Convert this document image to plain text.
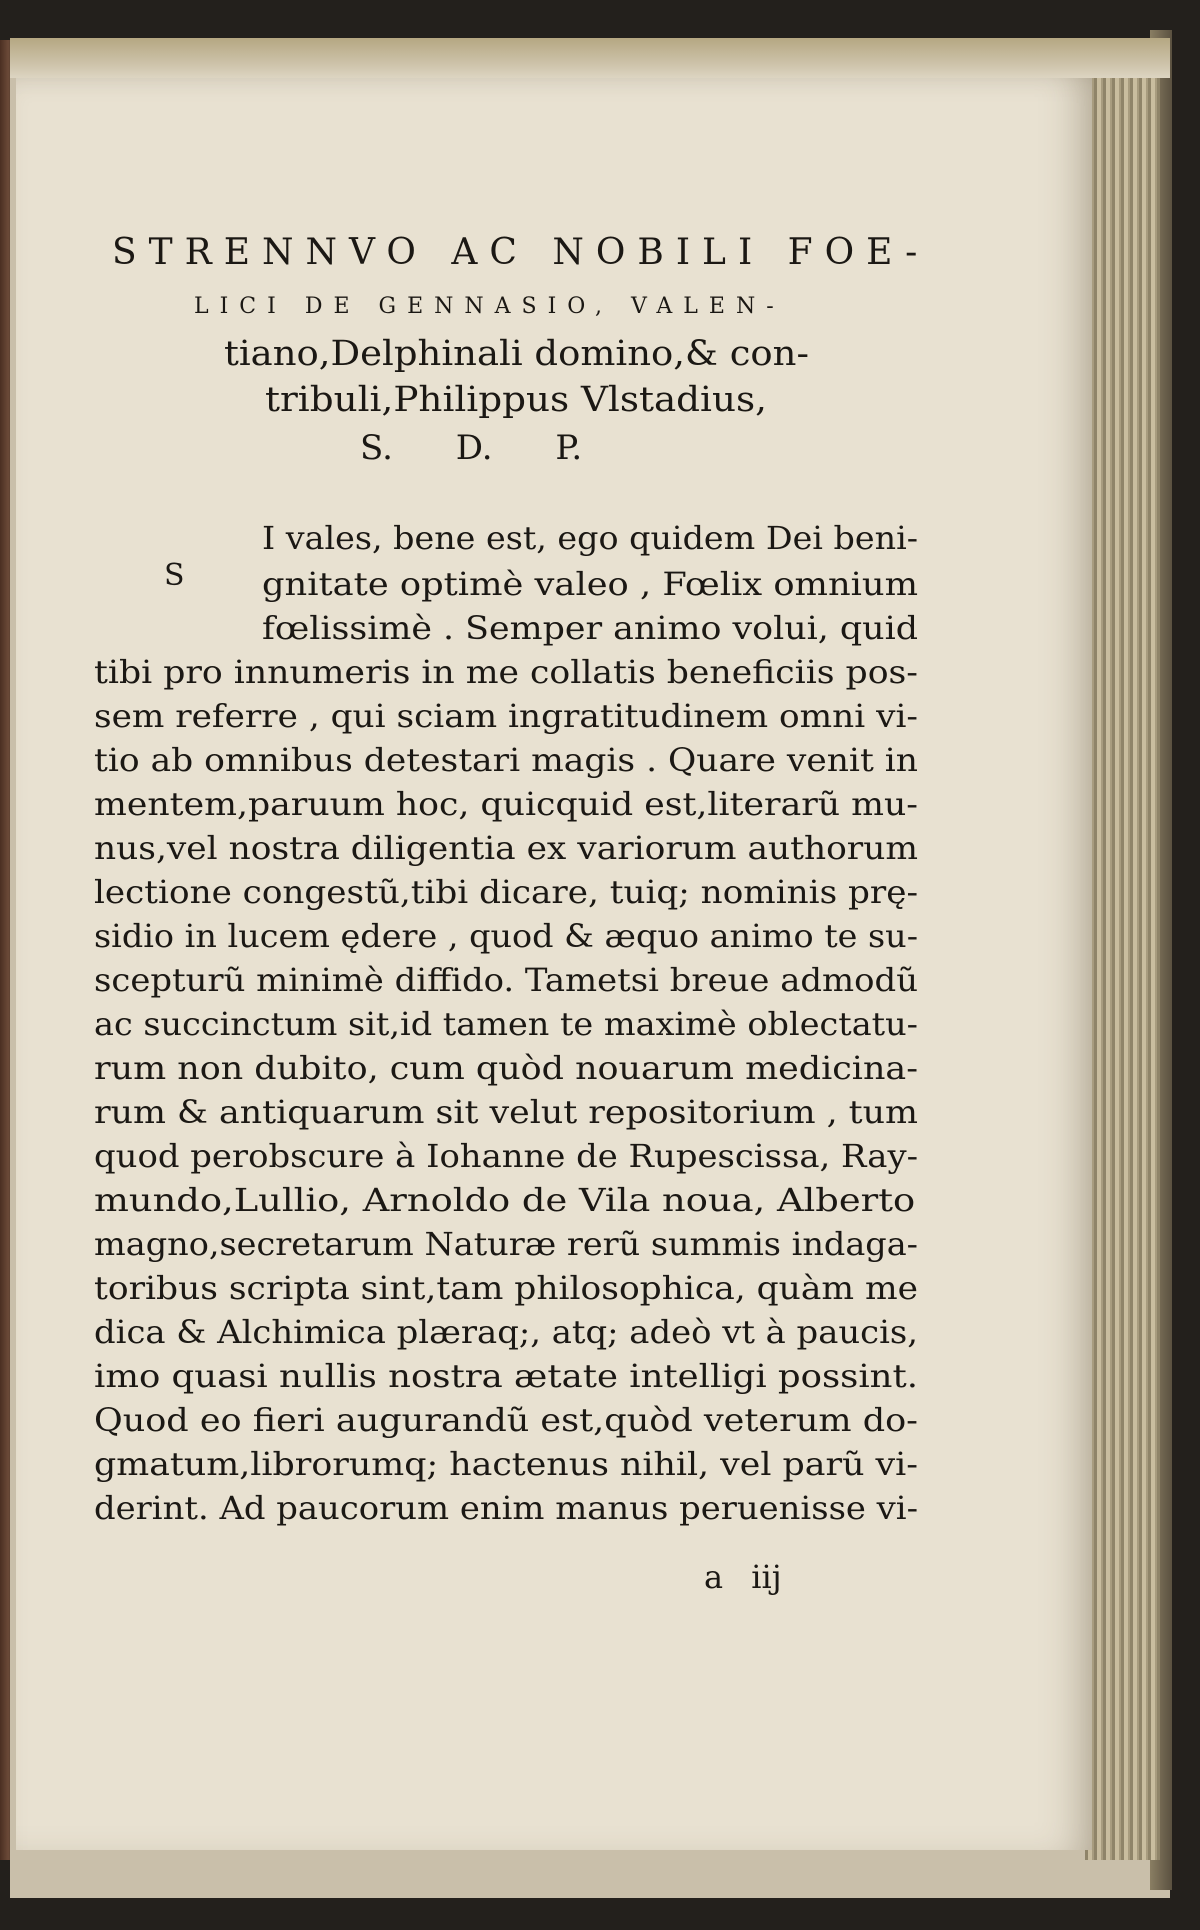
STRENNVO AC NOBILI FOE-
LICI DE GENNASIO, VALEN-
tiano,Delphinali domino,& con-
tribuli,Philippus Vlstadius,
S. D. P.
S
I vales, bene est, ego quidem Dei beni-
gnitate optimè valeo , Fœlix omnium
fœlissimè . Semper animo volui, quid
tibi pro innumeris in me collatis beneficiis pos-
sem referre , qui sciam ingratitudinem omni vi-
tio ab omnibus detestari magis . Quare venit in
mentem,paruum hoc, quicquid est,literarũ mu-
nus,vel nostra diligentia ex variorum authorum
lectione congestũ,tibi dicare, tuiq; nominis prę-
sidio in lucem ędere , quod & æquo animo te su-
scepturũ minimè diffido. Tametsi breue admodũ
ac succinctum sit,id tamen te maximè oblectatu-
rum non dubito, cum quòd nouarum medicina-
rum & antiquarum sit velut repositorium , tum
quod perobscure à Iohanne de Rupescissa, Ray-
mundo,Lullio, Arnoldo de Vila noua, Alberto
magno,secretarum Naturæ rerũ summis indaga-
toribus scripta sint,tam philosophica, quàm me
dica & Alchimica plæraq;, atq; adeò vt à paucis,
imo quasi nullis nostra ætate intelligi possint.
Quod eo fieri augurandũ est,quòd veterum do-
gmatum,librorumq; hactenus nihil, vel parũ vi-
derint. Ad paucorum enim manus peruenisse vi-
a iij
